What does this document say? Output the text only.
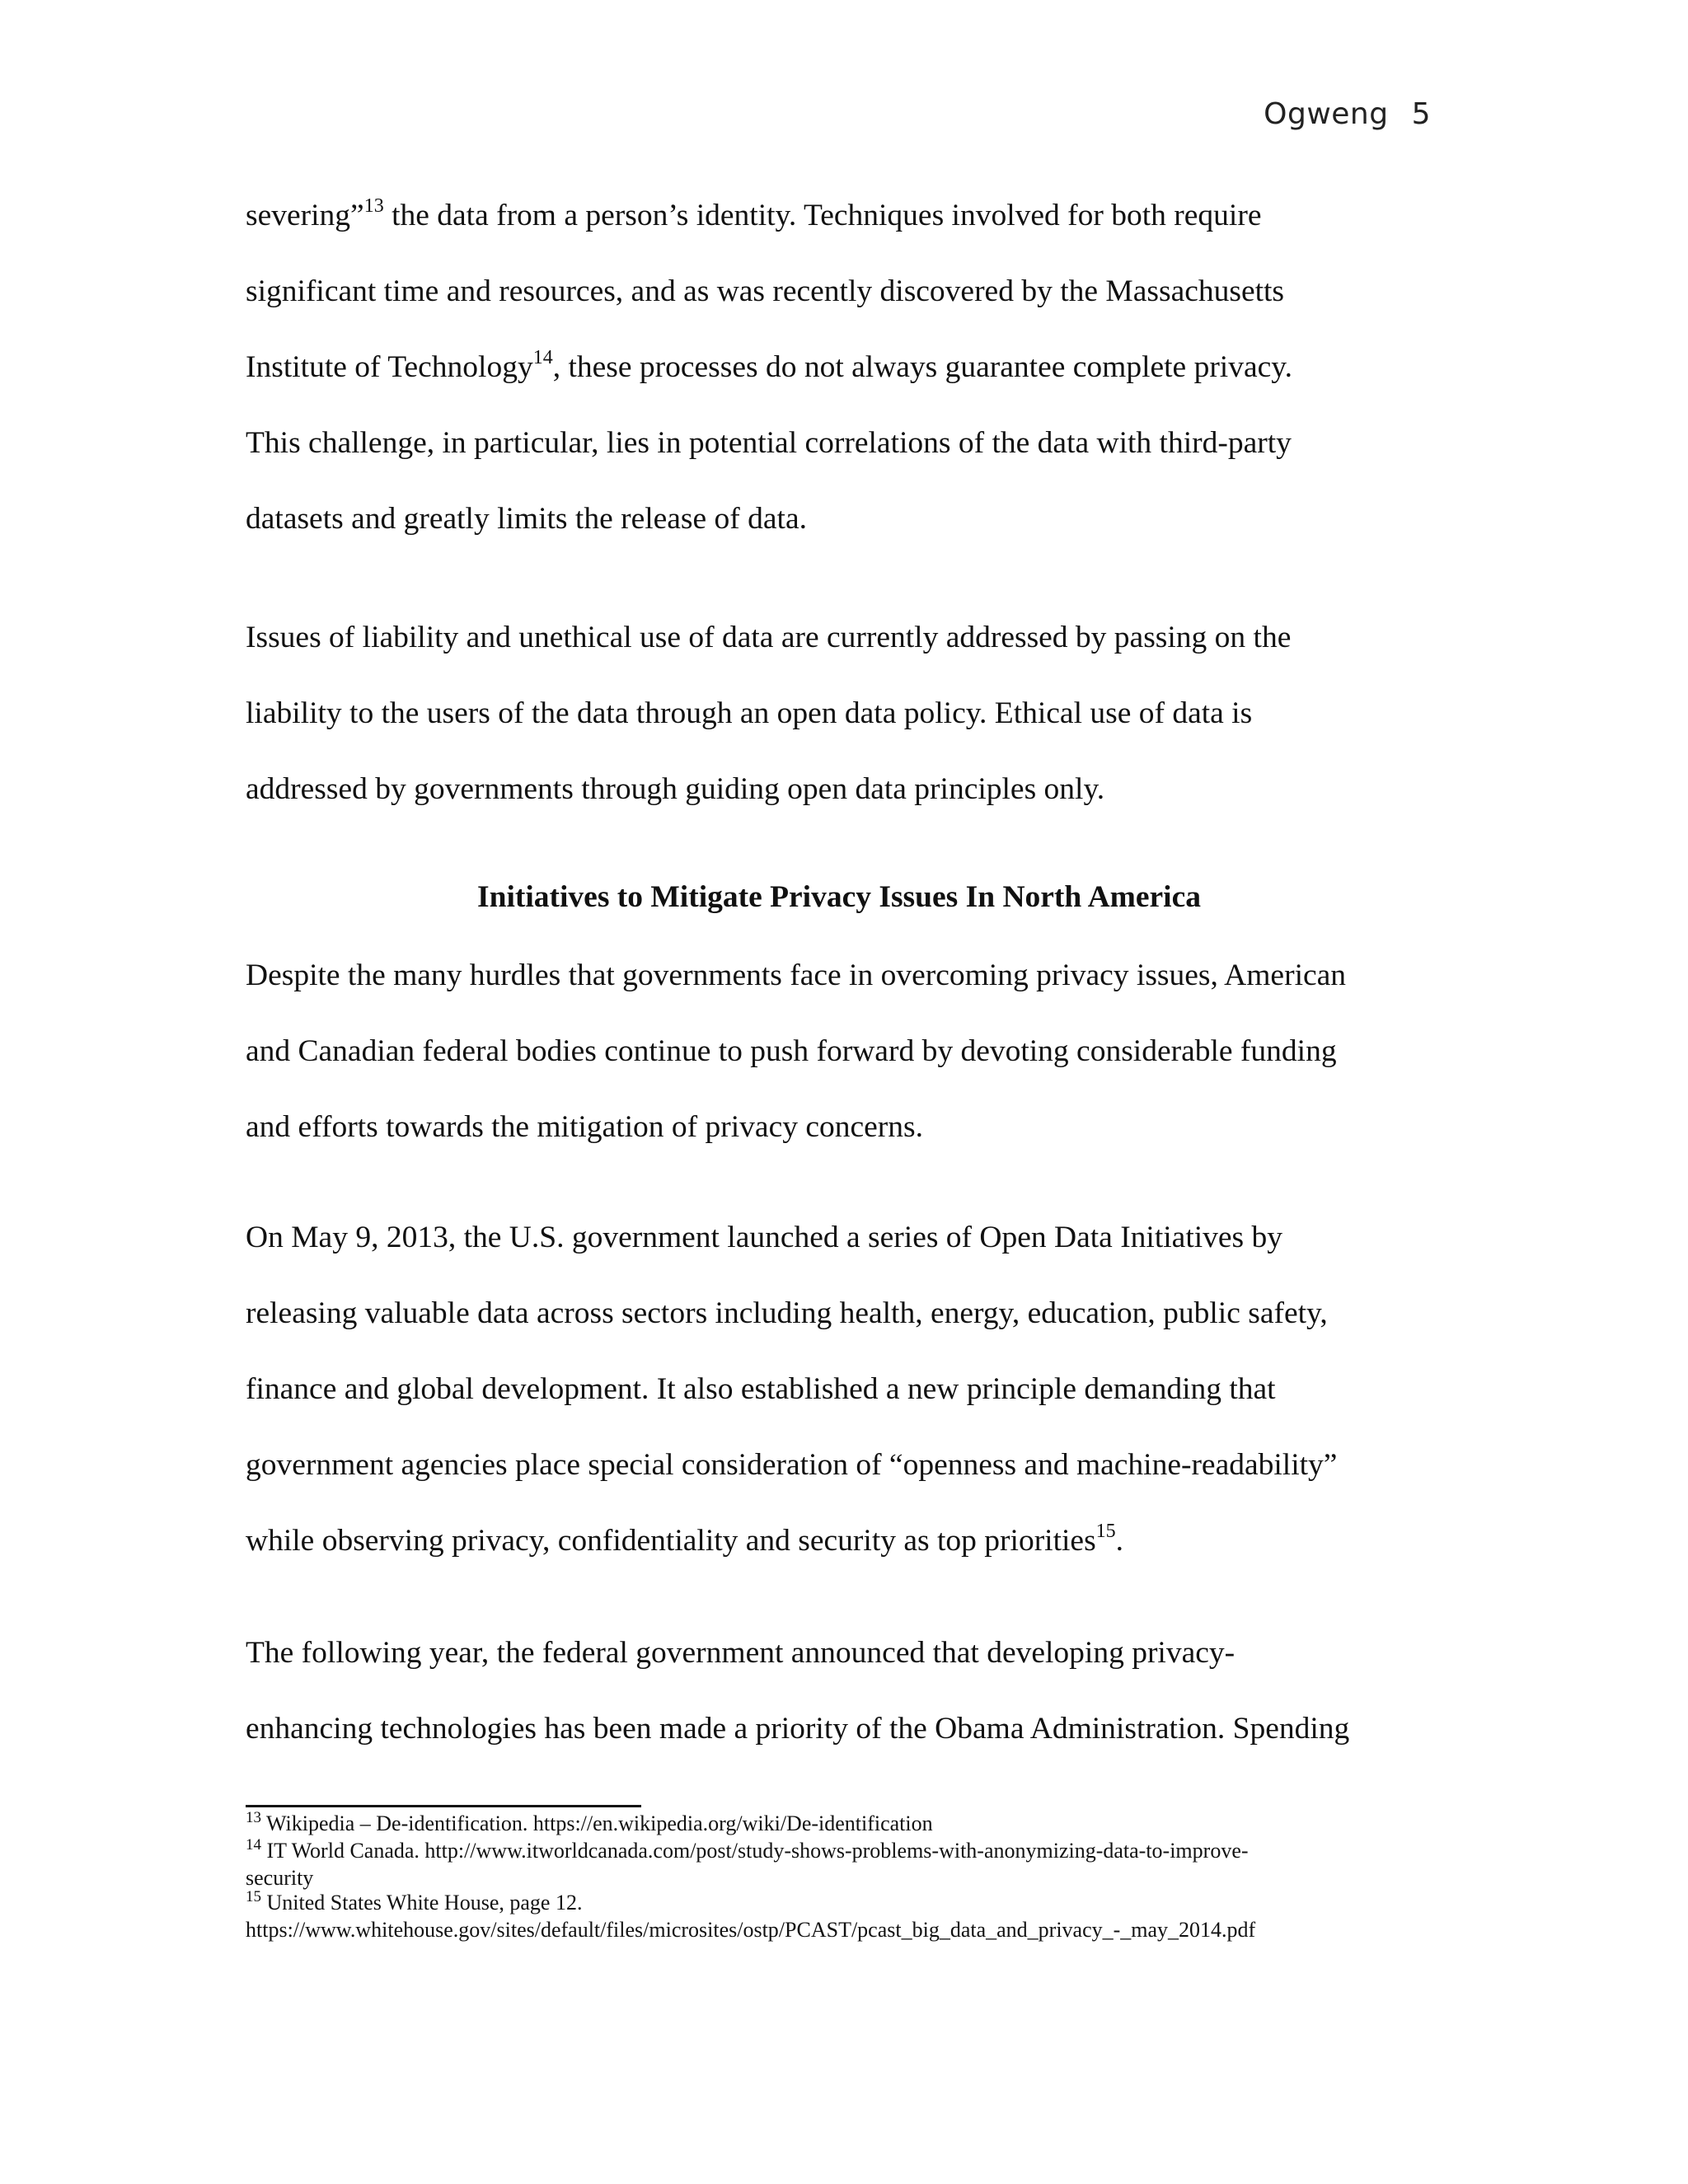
Ogweng 5
severing”$^{13}$ the data from a person’s identity. Techniques involved for both require
significant time and resources, and as was recently discovered by the Massachusetts
Institute of Technology$^{14}$, these processes do not always guarantee complete privacy.
This challenge, in particular, lies in potential correlations of the data with third-party
datasets and greatly limits the release of data.
Issues of liability and unethical use of data are currently addressed by passing on the
liability to the users of the data through an open data policy. Ethical use of data is
addressed by governments through guiding open data principles only.
Initiatives to Mitigate Privacy Issues In North America
Despite the many hurdles that governments face in overcoming privacy issues, American
and Canadian federal bodies continue to push forward by devoting considerable funding
and efforts towards the mitigation of privacy concerns.
On May 9, 2013, the U.S. government launched a series of Open Data Initiatives by
releasing valuable data across sectors including health, energy, education, public safety,
finance and global development. It also established a new principle demanding that
government agencies place special consideration of “openness and machine-readability”
while observing privacy, confidentiality and security as top priorities$^{15}$.
The following year, the federal government announced that developing privacy-
enhancing technologies has been made a priority of the Obama Administration. Spending
$^{13}$ Wikipedia – De-identification. https://en.wikipedia.org/wiki/De-identification
$^{14}$ IT World Canada. http://www.itworldcanada.com/post/study-shows-problems-with-anonymizing-data-to-improve-
security
$^{15}$ United States White House, page 12.
https://www.whitehouse.gov/sites/default/files/microsites/ostp/PCAST/pcast_big_data_and_privacy_-_may_2014.pdf
